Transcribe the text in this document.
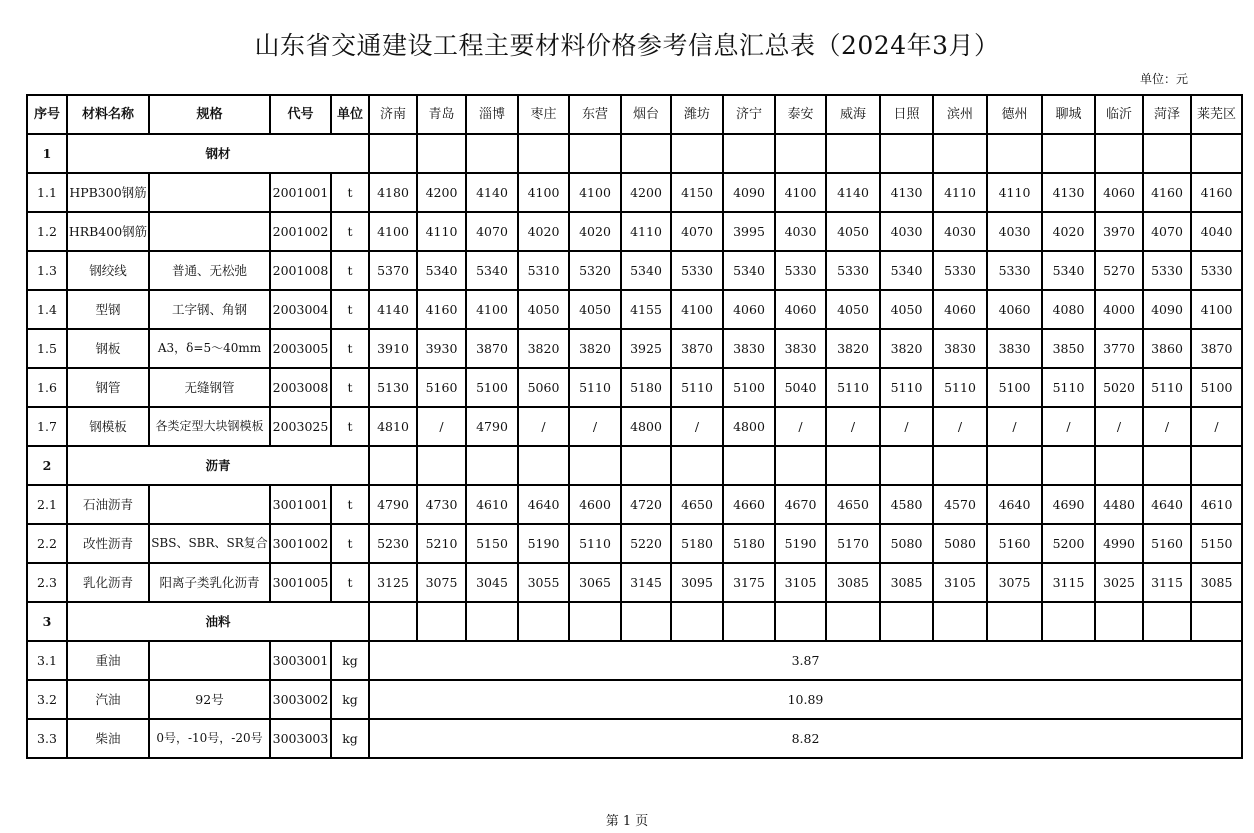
山东省交通建设工程主要材料价格参考信息汇总表（2024年3月）
单位：元
序号	材料名称	规格	代号	单位	济南	青岛	淄博	枣庄	东营	烟台	潍坊	济宁	泰安	威海	日照	滨州	德州	聊城	临沂	菏泽	莱芜区
1	钢材																				
1.1	HPB300钢筋		2001001	t	4180	4200	4140	4100	4100	4200	4150	4090	4100	4140	4130	4110	4110	4130	4060	4160	4160
1.2	HRB400钢筋		2001002	t	4100	4110	4070	4020	4020	4110	4070	3995	4030	4050	4030	4030	4030	4020	3970	4070	4040
1.3	钢绞线	普通、无松弛	2001008	t	5370	5340	5340	5310	5320	5340	5330	5340	5330	5330	5340	5330	5330	5340	5270	5330	5330
1.4	型钢	工字钢、角钢	2003004	t	4140	4160	4100	4050	4050	4155	4100	4060	4060	4050	4050	4060	4060	4080	4000	4090	4100
1.5	钢板	A3，δ=5～40mm	2003005	t	3910	3930	3870	3820	3820	3925	3870	3830	3830	3820	3820	3830	3830	3850	3770	3860	3870
1.6	钢管	无缝钢管	2003008	t	5130	5160	5100	5060	5110	5180	5110	5100	5040	5110	5110	5110	5100	5110	5020	5110	5100
1.7	钢模板	各类定型大块钢模板	2003025	t	4810	/	4790	/	/	4800	/	4800	/	/	/	/	/	/	/	/	/
2	沥青																				
2.1	石油沥青		3001001	t	4790	4730	4610	4640	4600	4720	4650	4660	4670	4650	4580	4570	4640	4690	4480	4640	4610
2.2	改性沥青	SBS、SBR、SR复合	3001002	t	5230	5210	5150	5190	5110	5220	5180	5180	5190	5170	5080	5080	5160	5200	4990	5160	5150
2.3	乳化沥青	阳离子类乳化沥青	3001005	t	3125	3075	3045	3055	3065	3145	3095	3175	3105	3085	3085	3105	3075	3115	3025	3115	3085
3	油料																				
3.1	重油		3003001	kg	3.87																
3.2	汽油	92号	3003002	kg	10.89																
3.3	柴油	0号，-10号，-20号	3003003	kg	8.82																
第 1 页
